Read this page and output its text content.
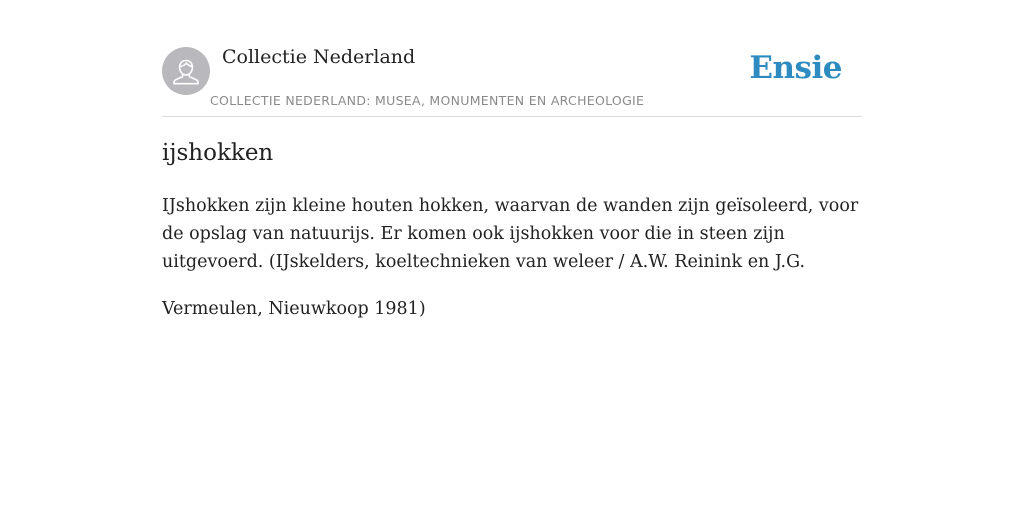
Collectie Nederland
COLLECTIE NEDERLAND: MUSEA, MONUMENTEN EN ARCHEOLOGIE
Ensie
ijshokken

IJshokken zijn kleine houten hokken, waarvan de wanden zijn geïsoleerd, voor de opslag van natuurijs. Er komen ook ijshokken voor die in steen zijn uitgevoerd. (IJskelders, koeltechnieken van weleer / A.W. Reinink en J.G.

Vermeulen, Nieuwkoop 1981)
